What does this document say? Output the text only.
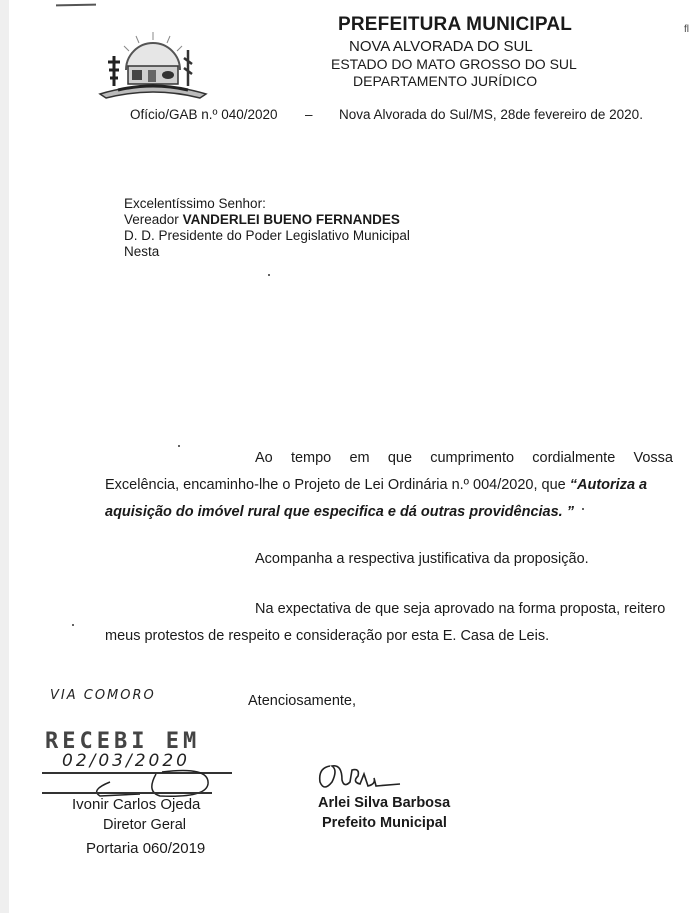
fl
PREFEITURA MUNICIPAL
NOVA ALVORADA DO SUL
ESTADO DO MATO GROSSO DO SUL
DEPARTAMENTO JURÍDICO
Ofício/GAB n.º 040/2020 – Nova Alvorada do Sul/MS, 28de fevereiro de 2020.
Excelentíssimo Senhor:
Vereador VANDERLEI BUENO FERNANDES
D. D. Presidente do Poder Legislativo Municipal
Nesta
Ao tempo em que cumprimento cordialmente Vossa
Excelência, encaminho-lhe o Projeto de Lei Ordinária n.º 004/2020, que “Autoriza a
aquisição do imóvel rural que especifica e dá outras providências. ”
Acompanha a respectiva justificativa da proposição.
Na expectativa de que seja aprovado na forma proposta, reitero
meus protestos de respeito e consideração por esta E. Casa de Leis.
VIA COMORO	Atenciosamente,
RECEBI EM
02/03/2020
Ivonir Carlos Ojeda
Diretor Geral
Portaria 060/2019
Arlei Silva Barbosa
Prefeito Municipal
